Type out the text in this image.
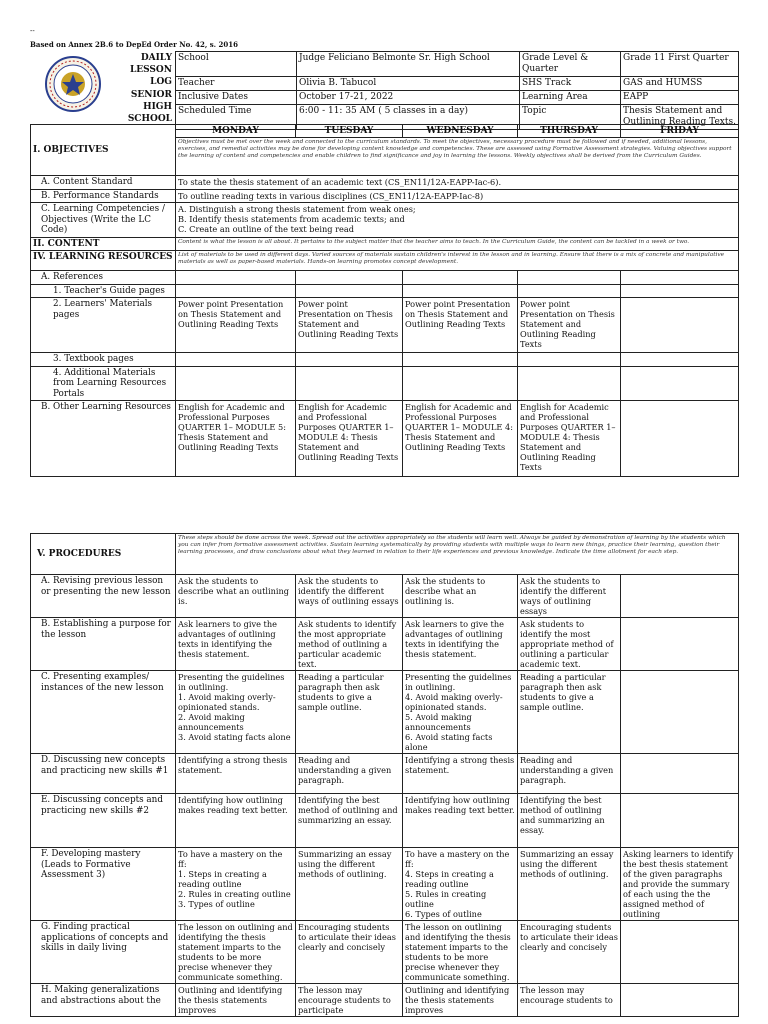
--
Based on Annex 2B.6 to DepEd Order No. 42, s. 2016
DAILY
LESSON
LOG
SENIOR HIGH
SCHOOL
School	Judge Feliciano Belmonte Sr. High School	Grade Level & Quarter	Grade 11 First Quarter
Teacher	Olivia B. Tabucol	SHS Track	GAS and HUMSS
Inclusive Dates	October 17-21, 2022	Learning Area	EAPP
Scheduled Time	6:00 - 11: 35 AM ( 5 classes in a day)	Topic	Thesis Statement and Outlining Reading Texts.
I. OBJECTIVES	MONDAY	TUESDAY	WEDNESDAY	THURSDAY	FRIDAY
	Objectives must be met over the week and connected to the curriculum standards. To meet the objectives, necessary procedure must be followed and if needed, additional lessons, exercises, and remedial activities may be done for developing content knowledge and competencies. These are assessed using Formative Assessment strategies. Valuing objectives support the learning of content and competencies and enable children to find significance and joy in learning the lessons. Weekly objectives shall be derived from the Curriculum Guides.				
A. Content Standard	To state the thesis statement of an academic text (CS_EN11/12A-EAPP-Iac-6).				
B. Performance Standards	To outline reading texts in various disciplines (CS_EN11/12A-EAPP-Iac-8)				
C. Learning Competencies / Objectives (Write the LC Code)	A. Distinguish a strong thesis statement from weak ones;
B. Identify thesis statements from academic texts; and
C. Create an outline of the text being read				

II. CONTENT	Content is what the lesson is all about. It pertains to the subject matter that the teacher aims to teach. In the Curriculum Guide, the content can be tackled in a week or two.				
IV. LEARNING RESOURCES	List of materials to be used in different days. Varied sources of materials sustain children's interest in the lesson and in learning. Ensure that there is a mix of concrete and manipulative materials as well as paper-based materials. Hands-on learning promotes concept development.				
A. References					
1. Teacher's Guide pages					
2. Learners' Materials pages	Power point Presentation on Thesis Statement and Outlining Reading Texts	Power point Presentation on Thesis Statement and Outlining Reading Texts	Power point Presentation on Thesis Statement and Outlining Reading Texts	Power point Presentation on Thesis Statement and Outlining Reading Texts	
3. Textbook pages					
4. Additional Materials from Learning Resources Portals					
B. Other Learning Resources	English for Academic and Professional Purposes QUARTER 1– MODULE 5: Thesis Statement and Outlining Reading Texts	English for Academic and Professional Purposes QUARTER 1– MODULE 4: Thesis Statement and Outlining Reading Texts	English for Academic and Professional Purposes QUARTER 1– MODULE 4: Thesis Statement and Outlining Reading Texts	English for Academic and Professional Purposes QUARTER 1– MODULE 4: Thesis Statement and Outlining Reading Texts	
V. PROCEDURES	These steps should be done across the week. Spread out the activities appropriately so the students will learn well. Always be guided by demonstration of learning by the students which you can infer from formative assessment activities. Sustain learning systematically by providing students with multiple ways to learn new things, practice their learning, question their learning processes, and draw conclusions about what they learned in relation to their life experiences and previous knowledge. Indicate the time allotment for each step.				
A. Revising previous lesson or presenting the new lesson	Ask the students to describe what an outlining is.	Ask the students to identify the different ways of outlining essays	Ask the students to describe what an outlining is.	Ask the students to identify the different ways of outlining essays	
B. Establishing a purpose for the lesson	Ask learners to give the advantages of outlining texts in identifying the thesis statement.	Ask students to identify the most appropriate method of outlining a particular academic text.	Ask learners to give the advantages of outlining texts in identifying the thesis statement.	Ask students to identify the most appropriate method of outlining a particular academic text.	
C. Presenting examples/ instances of the new lesson	Presenting the guidelines in outlining.
1. Avoid making overly-opinionated stands.
2. Avoid making announcements
3. Avoid stating facts alone	Reading a particular paragraph then ask students to give a sample outline.	Presenting the guidelines in outlining.
4. Avoid making overly-opinionated stands.
5. Avoid making announcements
6. Avoid stating facts alone	Reading a particular paragraph then ask students to give a sample outline.	
D. Discussing new concepts and practicing new skills #1	Identifying a strong thesis statement.	Reading and understanding a given paragraph.	Identifying a strong thesis statement.	Reading and understanding a given paragraph.	
E. Discussing concepts and practicing new skills #2	Identifying how outlining makes reading text better.	Identifying the best method of outlining and summarizing an essay.	Identifying how outlining makes reading text better.	Identifying the best method of outlining and summarizing an essay.	
F. Developing mastery (Leads to Formative Assessment 3)	To have a mastery on the ff:
1. Steps in creating a reading outline
2. Rules in creating outline
3. Types of outline	Summarizing an essay using the different methods of outlining.	To have a mastery on the ff:
4. Steps in creating a reading outline
5. Rules in creating outline
6. Types of outline	Summarizing an essay using the different methods of outlining.	Asking learners to identify the best thesis statement of the given paragraphs and provide the summary of each using the the assigned method of outlining
G. Finding practical applications of concepts and skills in daily living	The lesson on outlining and identifying the thesis statement imparts to the students to be more precise whenever they communicate something.	Encouraging students to articulate their ideas clearly and concisely	The lesson on outlining and identifying the thesis statement imparts to the students to be more precise whenever they communicate something.	Encouraging students to articulate their ideas clearly and concisely	
H. Making generalizations and abstractions about the	Outlining and identifying the thesis statements improves	The lesson may encourage students to participate	Outlining and identifying the thesis statements improves	The lesson may encourage students to	
